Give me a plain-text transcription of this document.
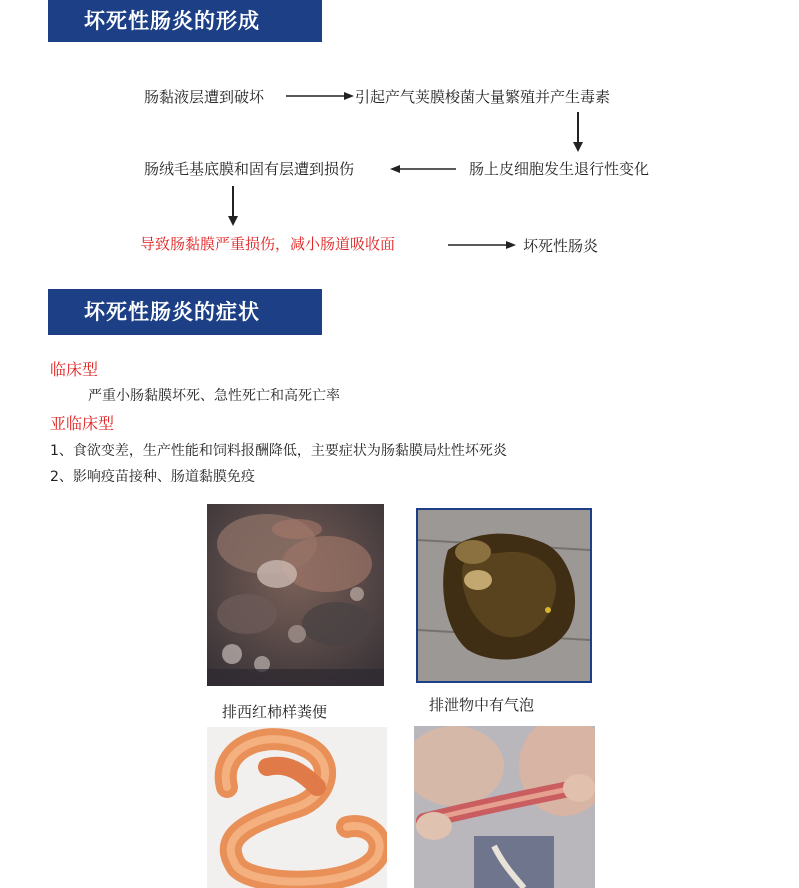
坏死性肠炎的形成
肠黏液层遭到破坏	引起产气荚膜梭菌大量繁殖并产生毒素
肠绒毛基底膜和固有层遭到损伤	肠上皮细胞发生退行性变化
导致肠黏膜严重损伤，减小肠道吸收面	坏死性肠炎
坏死性肠炎的症状
临床型
严重小肠黏膜坏死、急性死亡和高死亡率
亚临床型
1、食欲变差，生产性能和饲料报酬降低，主要症状为肠黏膜局灶性坏死炎
2、影响疫苗接种、肠道黏膜免疫
排西红柿样粪便	排泄物中有气泡
